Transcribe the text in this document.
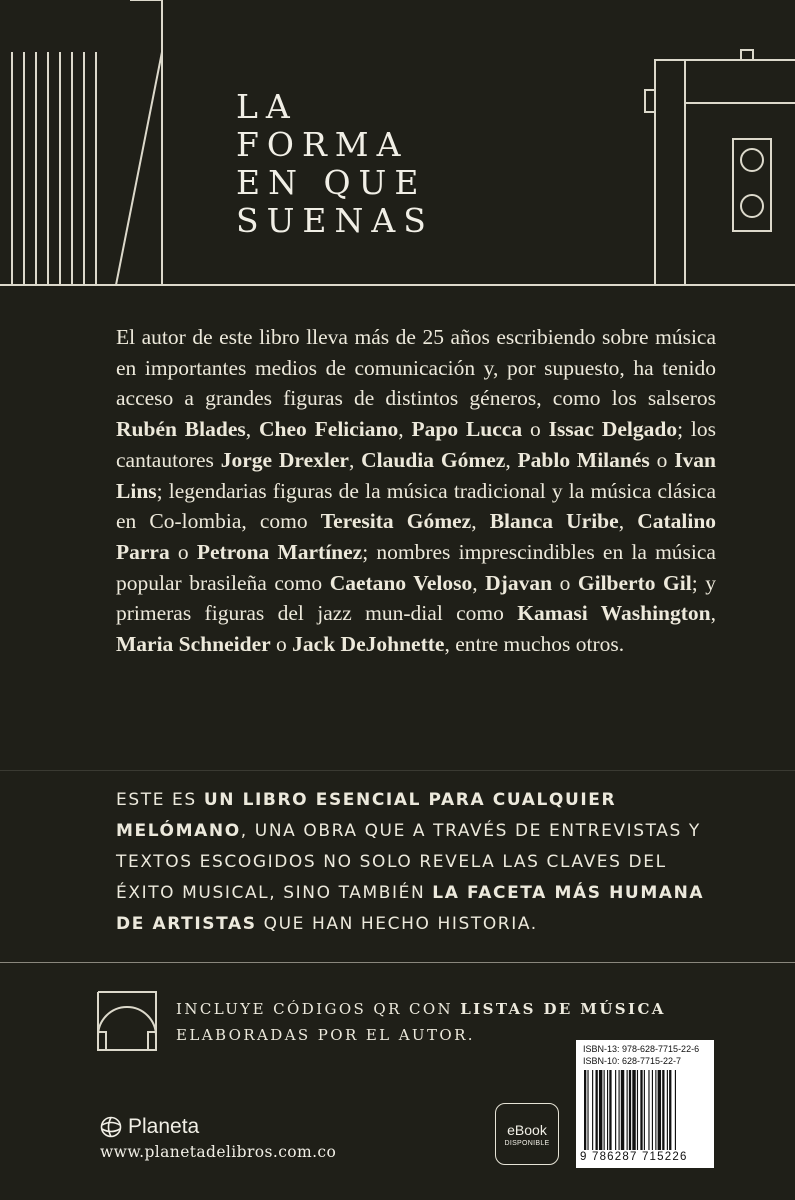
LA
FORMA
EN QUE
SUENAS
El autor de este libro lleva más de 25 años escribiendo sobre música en importantes medios de comunicación y, por supuesto, ha tenido acceso a grandes figuras de distintos géneros, como los salseros Rubén Blades, Cheo Feliciano, Papo Lucca o Issac Delgado; los cantautores Jorge Drexler, Claudia Gómez, Pablo Milanés o Ivan Lins; legendarias figuras de la música tradicional y la música clásica en Co-lombia, como Teresita Gómez, Blanca Uribe, Catalino Parra o Petrona Martínez; nombres imprescindibles en la música popular brasileña como Caetano Veloso, Djavan o Gilberto Gil; y primeras figuras del jazz mun-dial como Kamasi Washington, Maria Schneider o Jack DeJohnette, entre muchos otros.
ESTE ES UN LIBRO ESENCIAL PARA CUALQUIER MELÓMANO, UNA OBRA QUE A TRAVÉS DE ENTREVISTAS Y TEXTOS ESCOGIDOS NO SOLO REVELA LAS CLAVES DEL ÉXITO MUSICAL, SINO TAMBIÉN LA FACETA MÁS HUMANA DE ARTISTAS QUE HAN HECHO HISTORIA.
INCLUYE CÓDIGOS QR CON LISTAS DE MÚSICA
ELABORADAS POR EL AUTOR.
Planeta
www.planetadelibros.com.co
eBook
DISPONIBLE
ISBN-13: 978-628-7715-22-6
ISBN-10: 628-7715-22-7
9 786287 715226
